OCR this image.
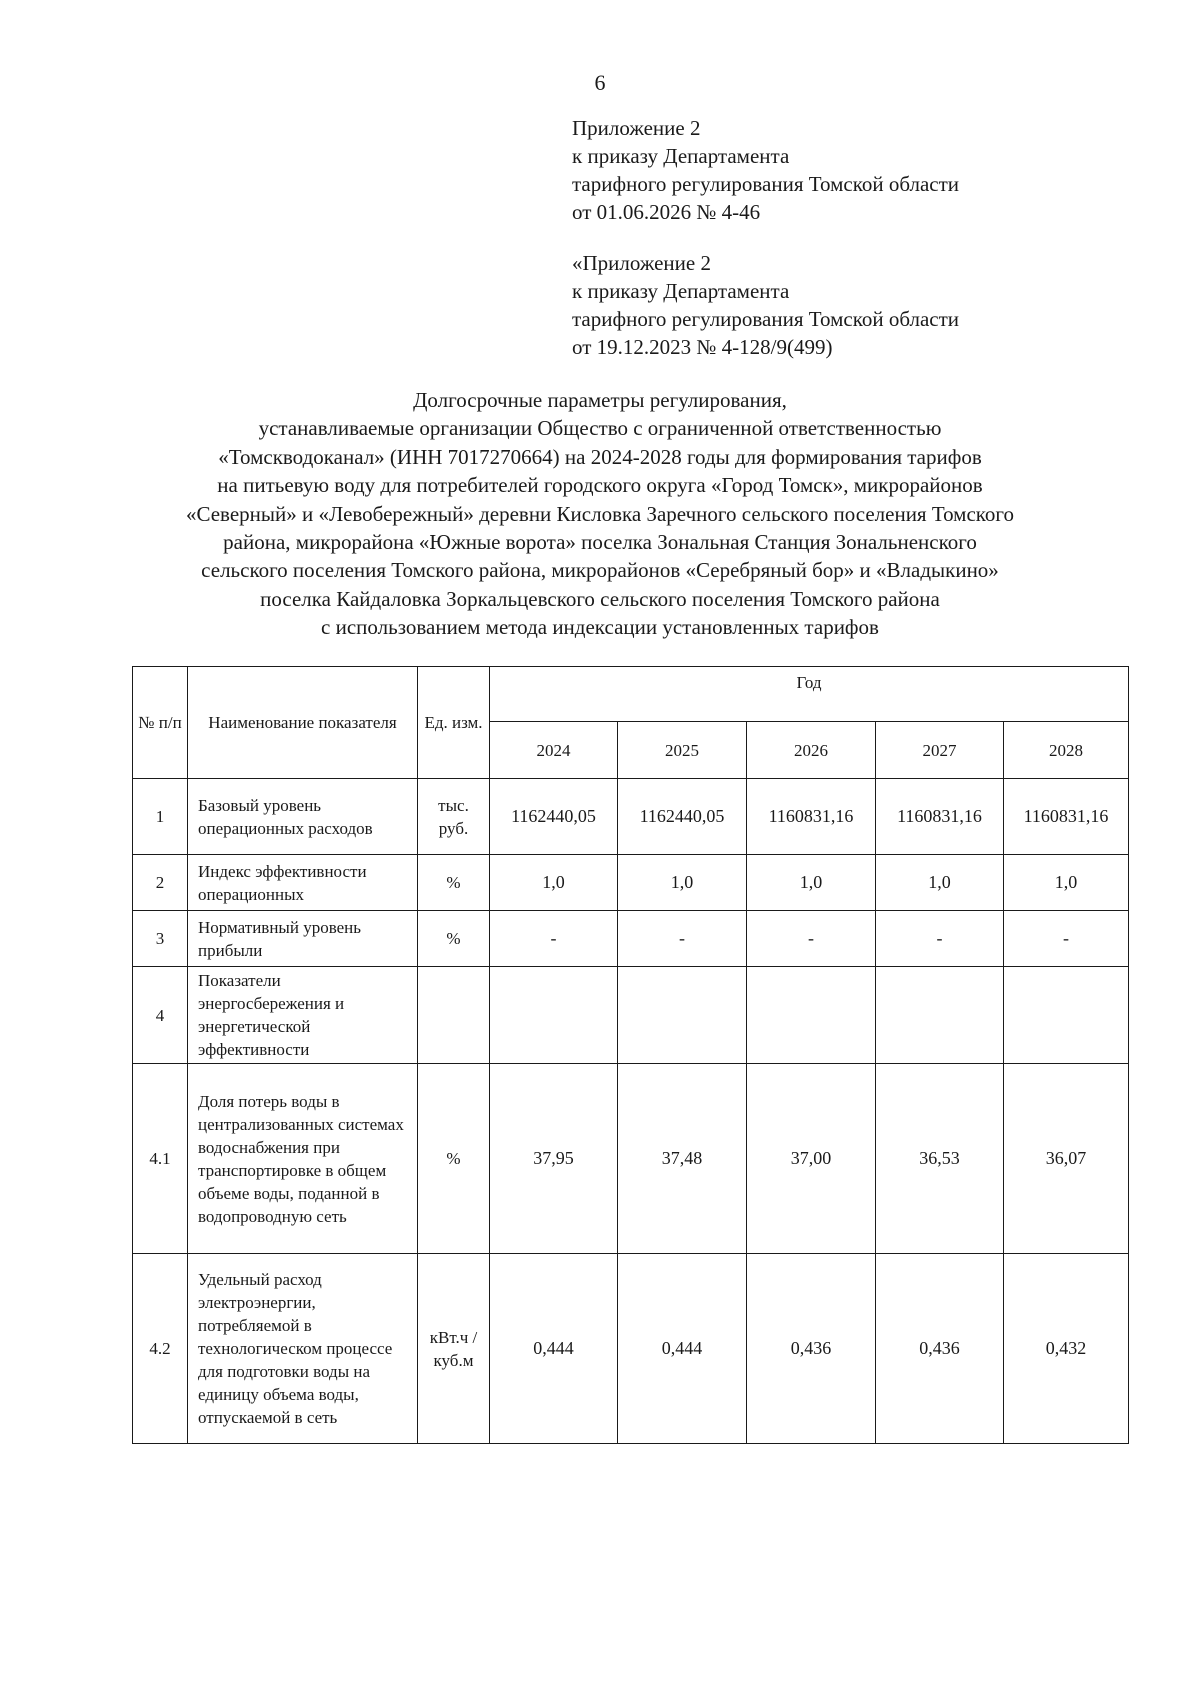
6
Приложение 2
к приказу Департамента
тарифного регулирования Томской области
от 01.06.2026 № 4-46
«Приложение 2
к приказу Департамента
тарифного регулирования Томской области
от 19.12.2023 № 4-128/9(499)
Долгосрочные параметры регулирования,
устанавливаемые организации Общество с ограниченной ответственностью
«Томскводоканал» (ИНН 7017270664) на 2024-2028 годы для формирования тарифов
на питьевую воду для потребителей городского округа «Город Томск», микрорайонов
«Северный» и «Левобережный» деревни Кисловка Заречного сельского поселения Томского
района, микрорайона «Южные ворота» поселка Зональная Станция Зональненского
сельского поселения Томского района, микрорайонов «Серебряный бор» и «Владыкино»
поселка Кайдаловка Зоркальцевского сельского поселения Томского района
с использованием метода индексации установленных тарифов
№ п/п	Наименование показателя	Ед. изм.	Год				
			2024	2025	2026	2027	2028
1	Базовый уровень операционных расходов	тыс. руб.	1162440,05	1162440,05	1160831,16	1160831,16	1160831,16
2	Индекс эффективности операционных	%	1,0	1,0	1,0	1,0	1,0
3	Нормативный уровень прибыли	%	-	-	-	-	-
4	Показатели энергосбережения и энергетической эффективности						
4.1	Доля потерь воды в централизованных системах водоснабжения при транспортировке в общем объеме воды, поданной в водопроводную сеть	%	37,95	37,48	37,00	36,53	36,07
4.2	Удельный расход электроэнергии, потребляемой в технологическом процессе для подготовки воды на единицу объема воды, отпускаемой в сеть	кВт.ч / куб.м	0,444	0,444	0,436	0,436	0,432
